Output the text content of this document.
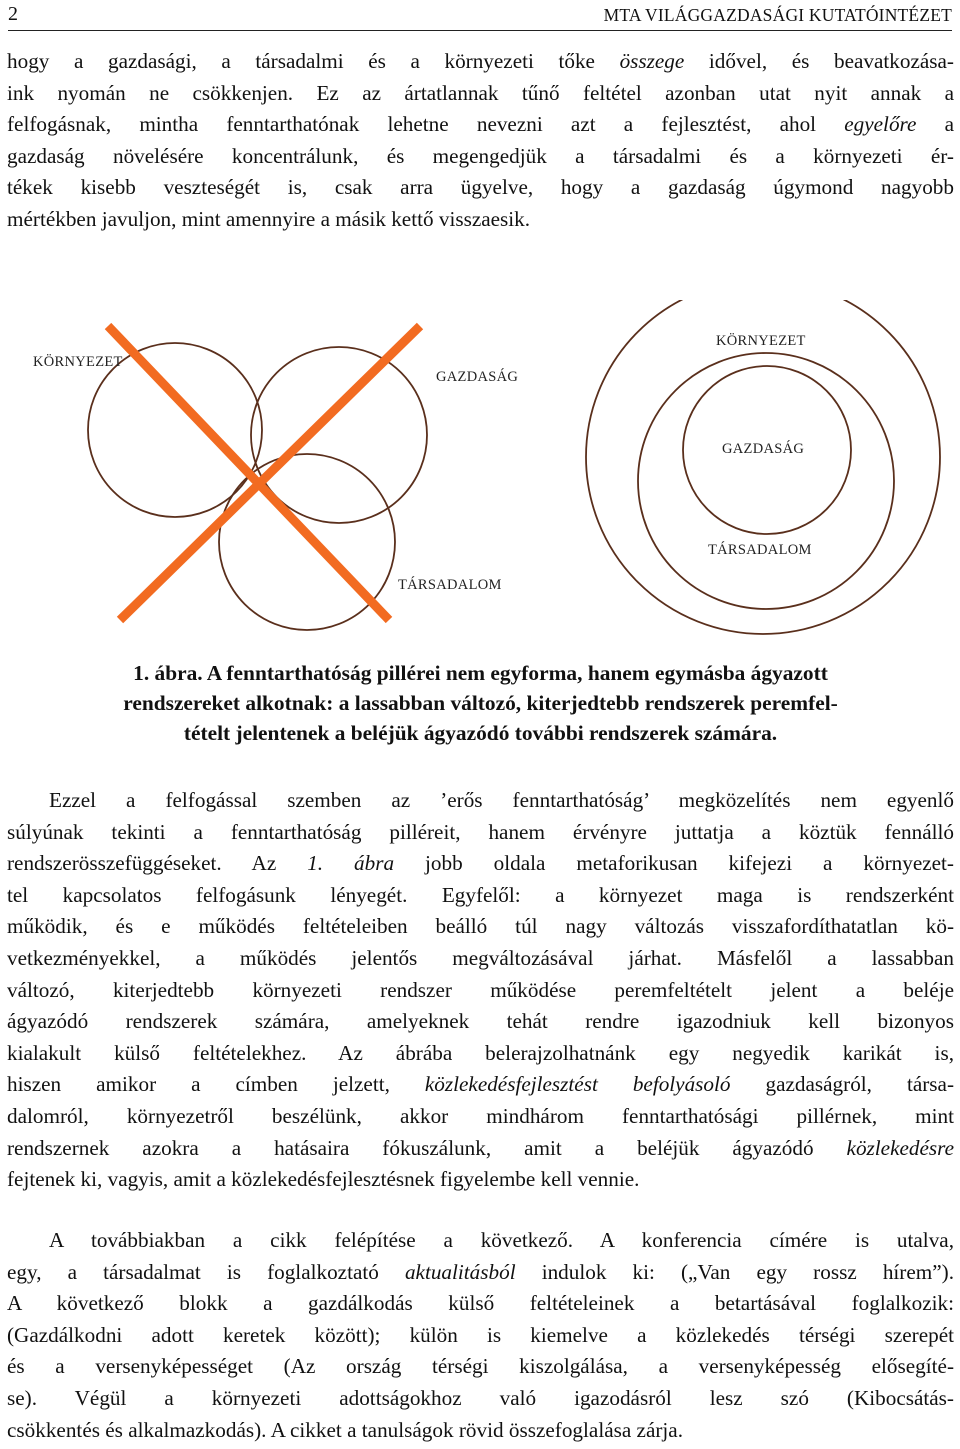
2	MTA VILÁGGAZDASÁGI KUTATÓINTÉZET
hogy a gazdasági, a társadalmi és a környezeti tőke összege idővel, és beavatkozása-
ink nyomán ne csökkenjen. Ez az ártatlannak tűnő feltétel azonban utat nyit annak a
felfogásnak, mintha fenntarthatónak lehetne nevezni azt a fejlesztést, ahol egyelőre a
gazdaság növelésére koncentrálunk, és megengedjük a társadalmi és a környezeti ér-
tékek kisebb veszteségét is, csak arra ügyelve, hogy a gazdaság úgymond nagyobb
mértékben javuljon, mint amennyire a másik kettő visszaesik.
KÖRNYEZET
GAZDASÁG
TÁRSADALOM
KÖRNYEZET
GAZDASÁG
TÁRSADALOM
1. ábra. A fenntarthatóság pillérei nem egyforma, hanem egymásba ágyazott
rendszereket alkotnak: a lassabban változó, kiterjedtebb rendszerek peremfel-
tételt jelentenek a beléjük ágyazódó további rendszerek számára.
Ezzel a felfogással szemben az ’erős fenntarthatóság’ megközelítés nem egyenlő
súlyúnak tekinti a fenntarthatóság pilléreit, hanem érvényre juttatja a köztük fennálló
rendszerösszefüggéseket. Az 1. ábra jobb oldala metaforikusan kifejezi a környezet-
tel kapcsolatos felfogásunk lényegét. Egyfelől: a környezet maga is rendszerként
működik, és e működés feltételeiben beálló túl nagy változás visszafordíthatatlan kö-
vetkezményekkel, a működés jelentős megváltozásával járhat. Másfelől a lassabban
változó, kiterjedtebb környezeti rendszer működése peremfeltételt jelent a beléje
ágyazódó rendszerek számára, amelyeknek tehát rendre igazodniuk kell bizonyos
kialakult külső feltételekhez. Az ábrába belerajzolhatnánk egy negyedik karikát is,
hiszen amikor a címben jelzett, közlekedésfejlesztést befolyásoló gazdaságról, társa-
dalomról, környezetről beszélünk, akkor mindhárom fenntarthatósági pillérnek, mint
rendszernek azokra a hatásaira fókuszálunk, amit a beléjük ágyazódó közlekedésre
fejtenek ki, vagyis, amit a közlekedésfejlesztésnek figyelembe kell vennie.
A továbbiakban a cikk felépítése a következő. A konferencia címére is utalva,
egy, a társadalmat is foglalkoztató aktualitásból indulok ki: („Van egy rossz hírem”).
A következő blokk a gazdálkodás külső feltételeinek a betartásával foglalkozik:
(Gazdálkodni adott keretek között); külön is kiemelve a közlekedés térségi szerepét
és a versenyképességet (Az ország térségi kiszolgálása, a versenyképesség elősegíté-
se). Végül a környezeti adottságokhoz való igazodásról lesz szó (Kibocsátás-
csökkentés és alkalmazkodás). A cikket a tanulságok rövid összefoglalása zárja.
